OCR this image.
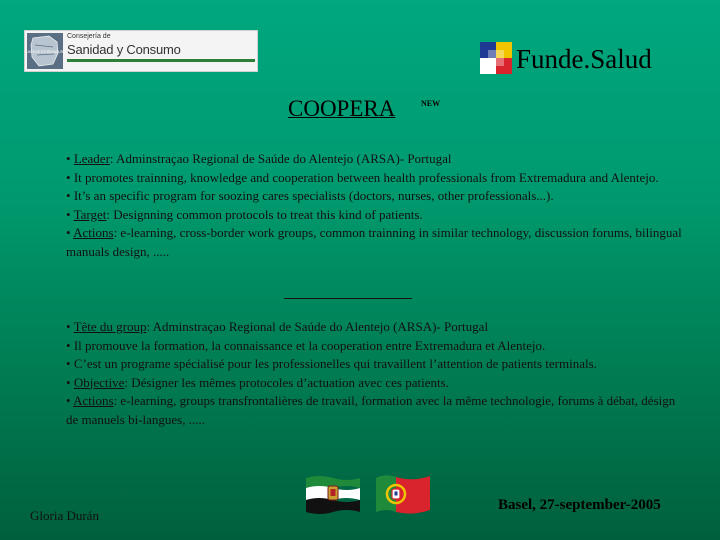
JUNTA DE EXTREMADURA
Consejería de
Sanidad y Consumo	Funde.Salud
COOPERA	NEW

• Leader: Adminstraçao Regional de Saúde do Alentejo (ARSA)- Portugal

• It promotes trainning, knowledge and cooperation between health professionals from Extremadura and Alentejo.

• It’s an specific program for soozing cares specialists (doctors, nurses, other professionals...).

• Target: Designning common protocols to treat this kind of patients.

• Actions: e-learning, cross-border work groups, common trainning in similar technology, discussion forums, bilingual manuals design, .....

• Tête du group: Adminstraçao Regional de Saúde do Alentejo (ARSA)- Portugal

• Il promouve la formation, la connaissance et la cooperation entre Extremadura et Alentejo.

• C’est un programe spécialisé pour les professionelles qui travaillent l’attention de patients terminals.

• Objective: Désigner les mêmes protocoles d’actuation avec ces patients.

• Actions: e-learning, groups transfrontalières de travail, formation avec la même technologie, forums à débat, désign de manuels bi-langues, .....

Gloria Durán
Basel, 27-september-2005
